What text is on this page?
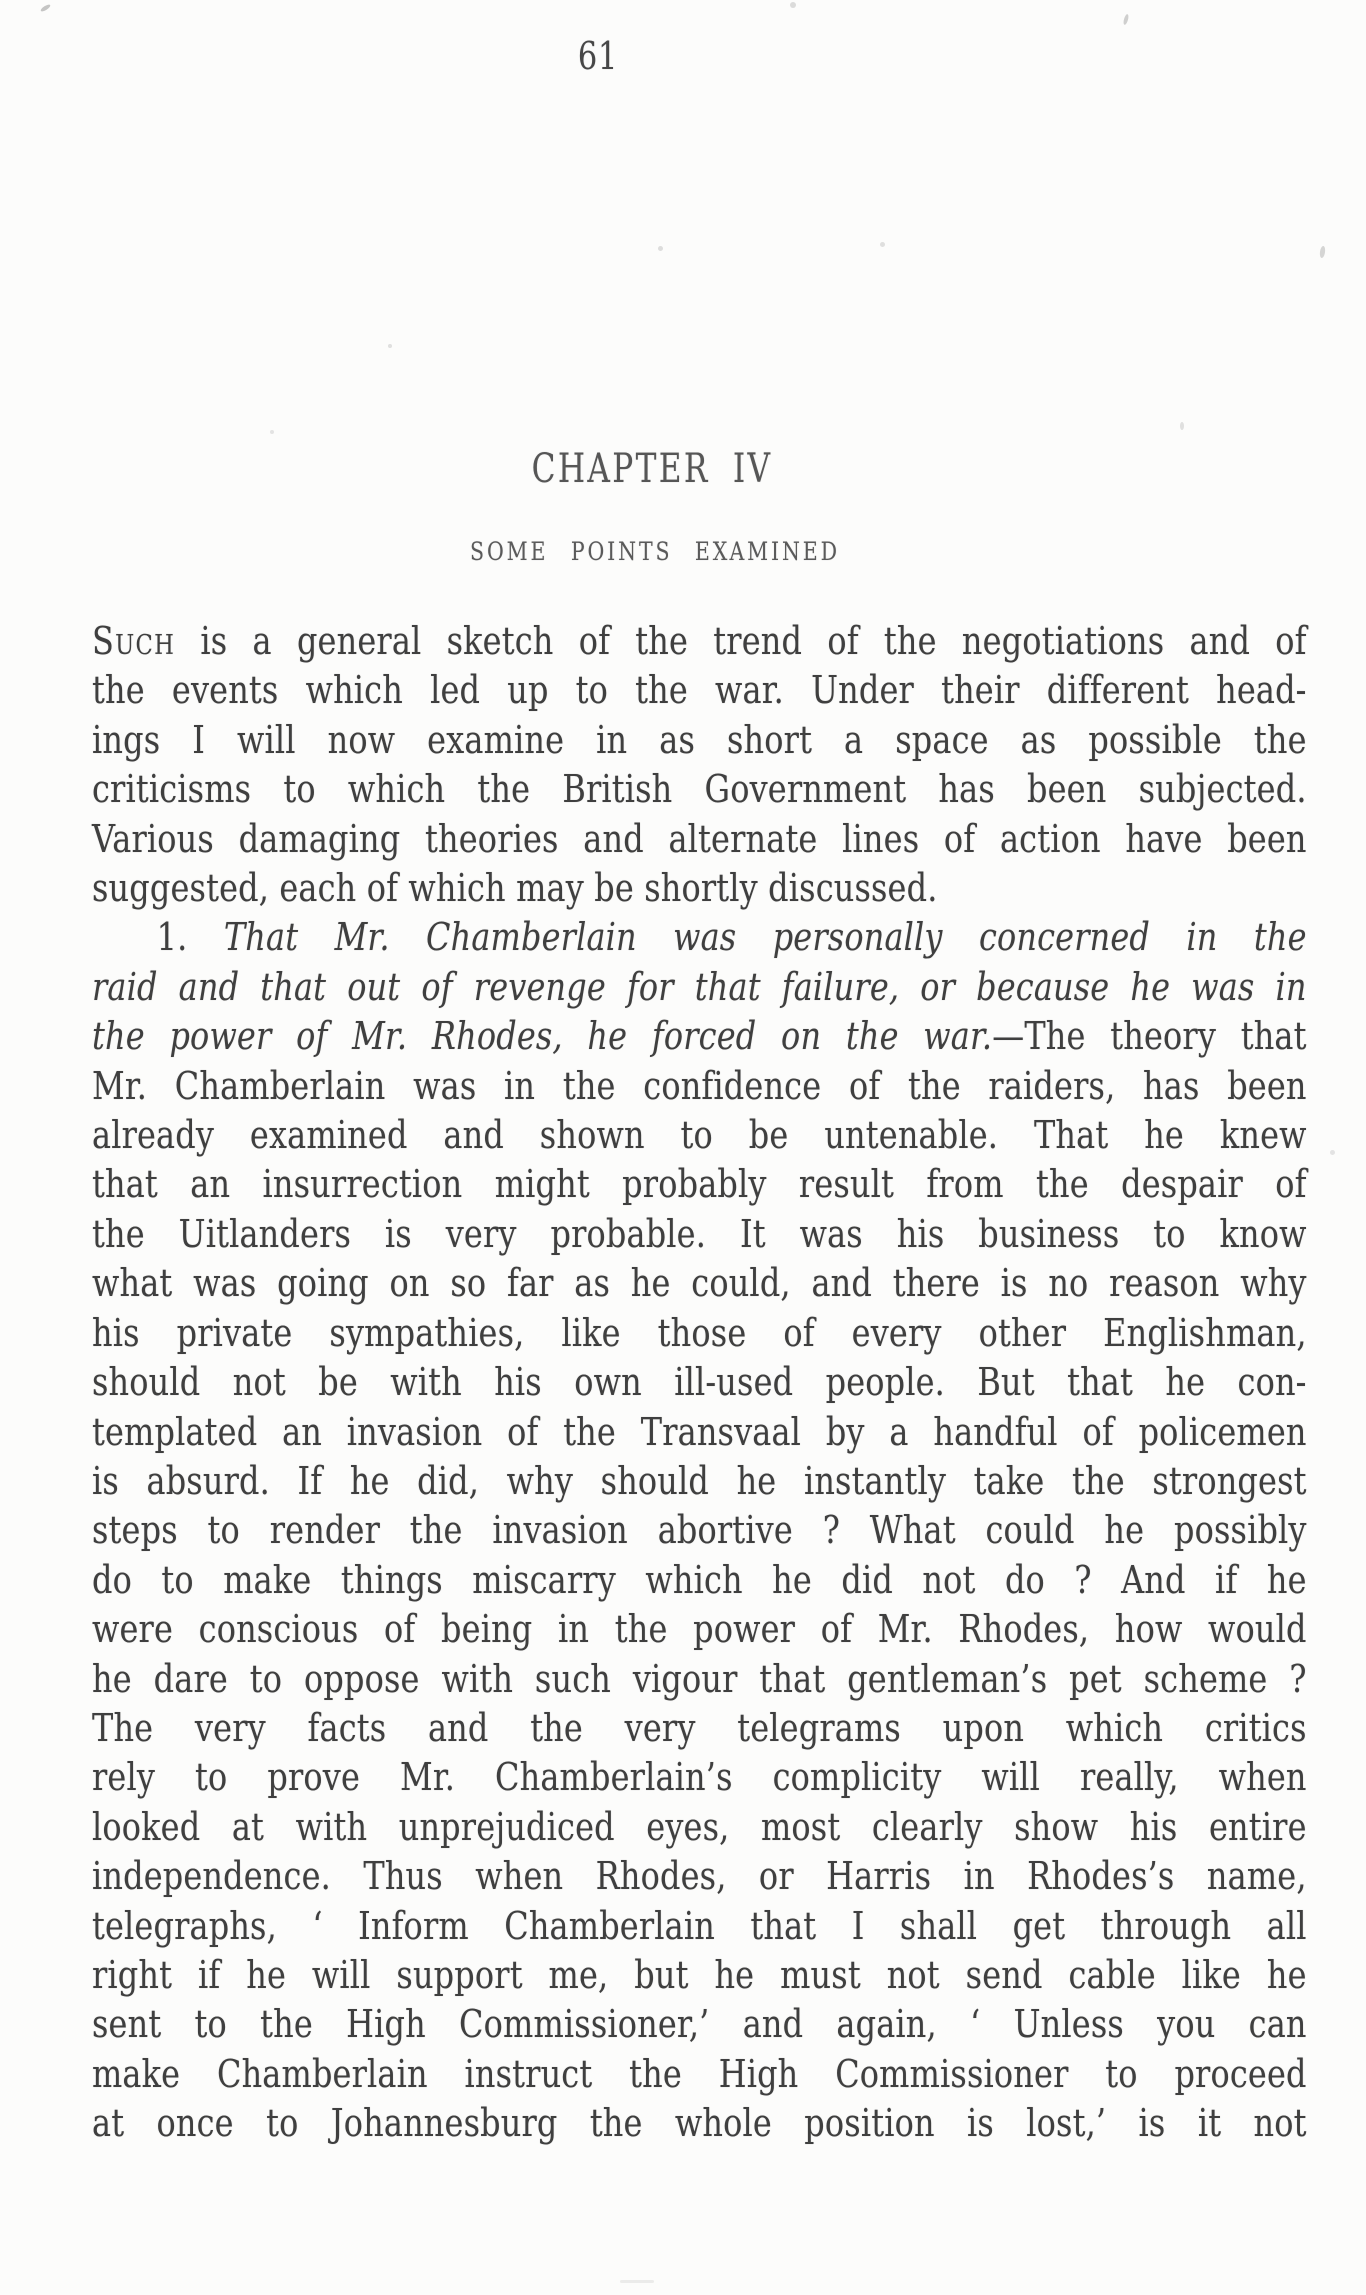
61
CHAPTER IV
SOME POINTS EXAMINED
Such is a general sketch of the trend of the negotiations and of
the events which led up to the war. Under their different head-
ings I will now examine in as short a space as possible the
criticisms to which the British Government has been subjected.
Various damaging theories and alternate lines of action have been
suggested, each of which may be shortly discussed.
1. That Mr. Chamberlain was personally concerned in the
raid and that out of revenge for that failure, or because he was in
the power of Mr. Rhodes, he forced on the war.—The theory that
Mr. Chamberlain was in the confidence of the raiders, has been
already examined and shown to be untenable. That he knew
that an insurrection might probably result from the despair of
the Uitlanders is very probable. It was his business to know
what was going on so far as he could, and there is no reason why
his private sympathies, like those of every other Englishman,
should not be with his own ill-used people. But that he con-
templated an invasion of the Transvaal by a handful of policemen
is absurd. If he did, why should he instantly take the strongest
steps to render the invasion abortive ? What could he possibly
do to make things miscarry which he did not do ? And if he
were conscious of being in the power of Mr. Rhodes, how would
he dare to oppose with such vigour that gentleman’s pet scheme ?
The very facts and the very telegrams upon which critics
rely to prove Mr. Chamberlain’s complicity will really, when
looked at with unprejudiced eyes, most clearly show his entire
independence. Thus when Rhodes, or Harris in Rhodes’s name,
telegraphs, ‘ Inform Chamberlain that I shall get through all
right if he will support me, but he must not send cable like he
sent to the High Commissioner,’ and again, ‘ Unless you can
make Chamberlain instruct the High Commissioner to proceed
at once to Johannesburg the whole position is lost,’ is it not
